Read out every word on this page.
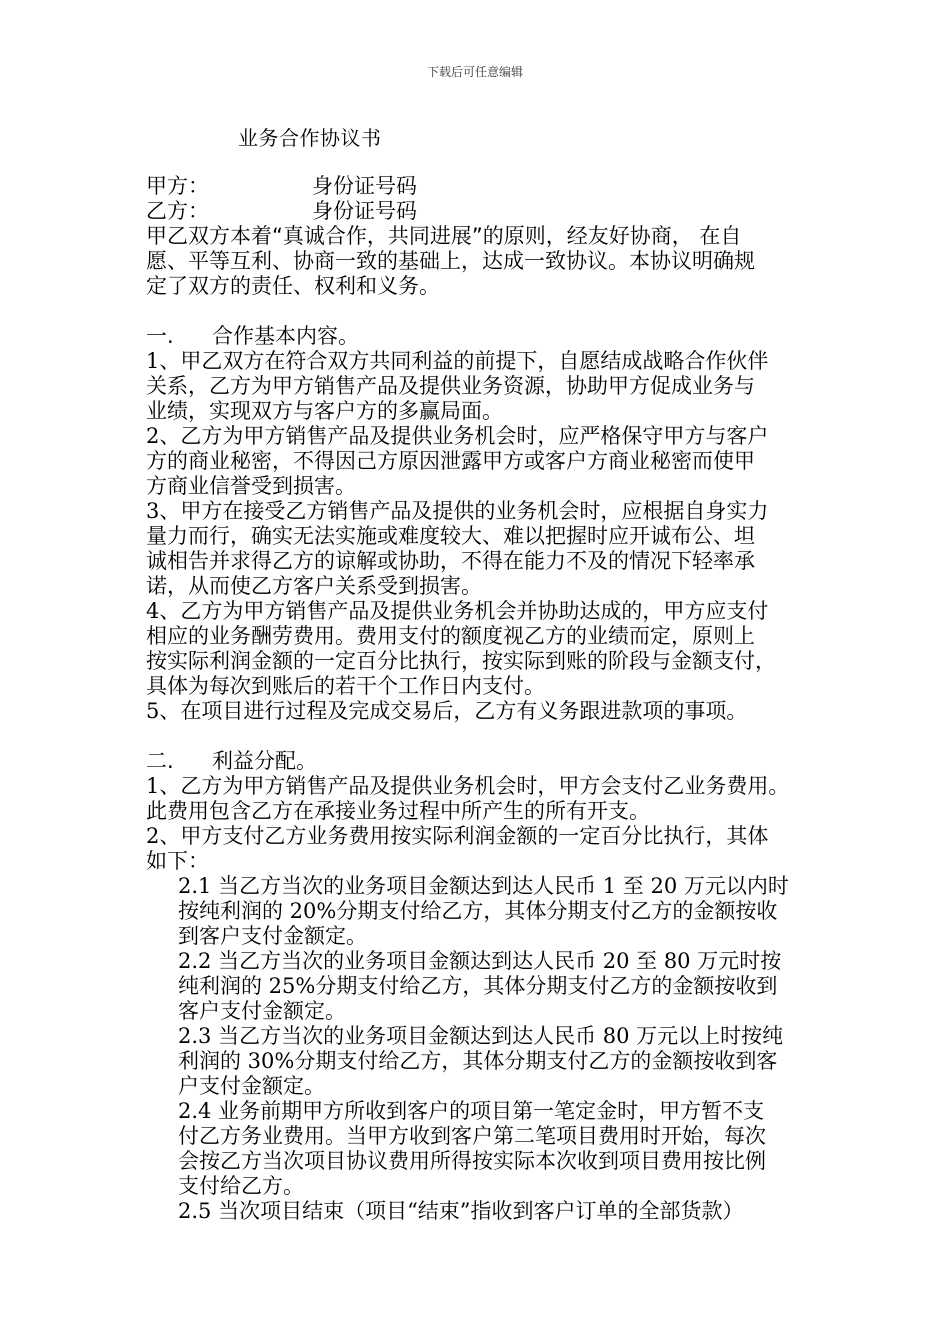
下载后可任意编辑
业务合作协议书
甲方：	身份证号码
乙方：	身份证号码
甲乙双方本着“真诚合作，共同进展”的原则，经友好协商， 在自
愿、平等互利、协商一致的基础上，达成一致协议。本协议明确规
定了双方的责任、权利和义务。
一.	合作基本内容。
1、甲乙双方在符合双方共同利益的前提下，自愿结成战略合作伙伴
关系，乙方为甲方销售产品及提供业务资源，协助甲方促成业务与
业绩，实现双方与客户方的多赢局面。
2、乙方为甲方销售产品及提供业务机会时，应严格保守甲方与客户
方的商业秘密，不得因己方原因泄露甲方或客户方商业秘密而使甲
方商业信誉受到损害。
3、甲方在接受乙方销售产品及提供的业务机会时，应根据自身实力
量力而行，确实无法实施或难度较大、难以把握时应开诚布公、坦
诚相告并求得乙方的谅解或协助，不得在能力不及的情况下轻率承
诺，从而使乙方客户关系受到损害。
4、乙方为甲方销售产品及提供业务机会并协助达成的，甲方应支付
相应的业务酬劳费用。费用支付的额度视乙方的业绩而定，原则上
按实际利润金额的一定百分比执行，按实际到账的阶段与金额支付，
具体为每次到账后的若干个工作日内支付。
5、在项目进行过程及完成交易后，乙方有义务跟进款项的事项。
二.	利益分配。
1、乙方为甲方销售产品及提供业务机会时，甲方会支付乙业务费用。
此费用包含乙方在承接业务过程中所产生的所有开支。
2、甲方支付乙方业务费用按实际利润金额的一定百分比执行，其体
如下：
2.1 当乙方当次的业务项目金额达到达人民币 1 至 20 万元以内时
按纯利润的 20%分期支付给乙方，其体分期支付乙方的金额按收
到客户支付金额定。
2.2 当乙方当次的业务项目金额达到达人民币 20 至 80 万元时按
纯利润的 25%分期支付给乙方，其体分期支付乙方的金额按收到
客户支付金额定。
2.3 当乙方当次的业务项目金额达到达人民币 80 万元以上时按纯
利润的 30%分期支付给乙方，其体分期支付乙方的金额按收到客
户支付金额定。
2.4 业务前期甲方所收到客户的项目第一笔定金时，甲方暂不支
付乙方务业费用。当甲方收到客户第二笔项目费用时开始，每次
会按乙方当次项目协议费用所得按实际本次收到项目费用按比例
支付给乙方。
2.5 当次项目结束（项目“结束”指收到客户订单的全部货款）
